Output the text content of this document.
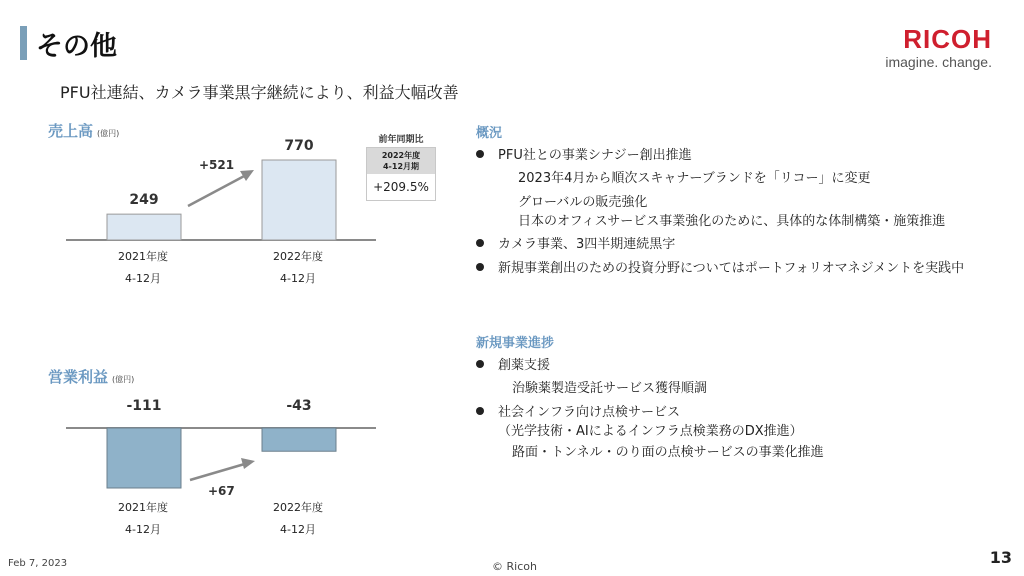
その他
PFU社連結、カメラ事業黒字継続により、利益大幅改善
RICOH
imagine. change.
売上高 (億円)
249
770
+521
2021年度
4-12月
2022年度
4-12月
前年同期比
2022年度
4-12月期
+209.5%
営業利益 (億円)
-111	-43
+67
2021年度
4-12月
2022年度
4-12月
概況
PFU社との事業シナジー創出推進
2023年4月から順次スキャナーブランドを「リコー」に変更
グローバルの販売強化
日本のオフィスサービス事業強化のために、具体的な体制構築・施策推進
カメラ事業、3四半期連続黒字
新規事業創出のための投資分野についてはポートフォリオマネジメントを実践中
新規事業進捗
創薬支援
治験薬製造受託サービス獲得順調
社会インフラ向け点検サービス
（光学技術・AIによるインフラ点検業務のDX推進）
路面・トンネル・のり面の点検サービスの事業化推進
Feb 7, 2023	© Ricoh	13
